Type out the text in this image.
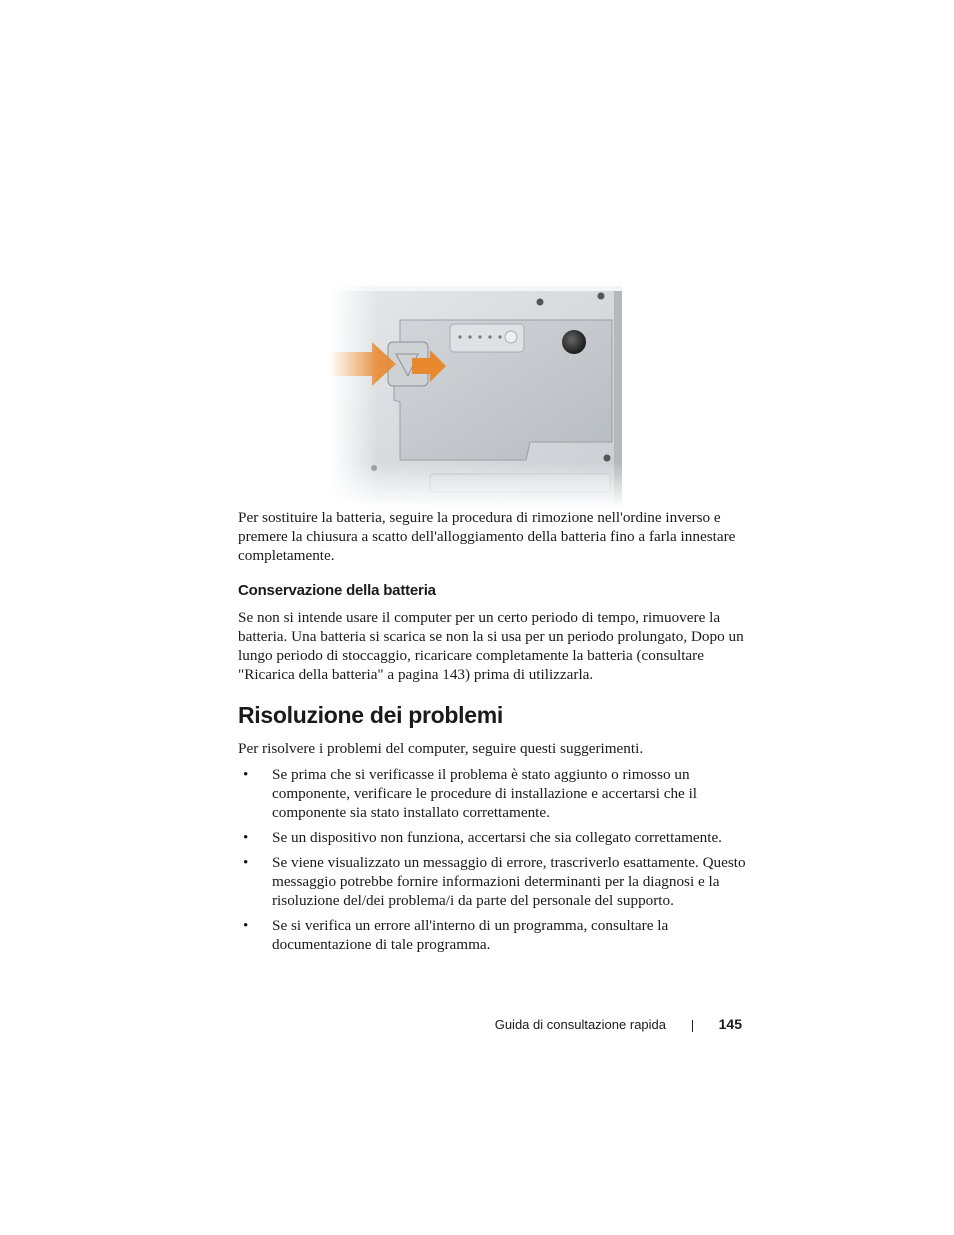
Per sostituire la batteria, seguire la procedura di rimozione nell'ordine inverso e premere la chiusura a scatto dell'alloggiamento della batteria fino a farla innestare completamente.

Conservazione della batteria

Se non si intende usare il computer per un certo periodo di tempo, rimuovere la batteria. Una batteria si scarica se non la si usa per un periodo prolungato, Dopo un lungo periodo di stoccaggio, ricaricare completamente la batteria (consultare "Ricarica della batteria" a pagina 143) prima di utilizzarla.

Risoluzione dei problemi

Per risolvere i problemi del computer, seguire questi suggerimenti.

• Se prima che si verificasse il problema è stato aggiunto o rimosso un componente, verificare le procedure di installazione e accertarsi che il componente sia stato installato correttamente.
• Se un dispositivo non funziona, accertarsi che sia collegato correttamente.
• Se viene visualizzato un messaggio di errore, trascriverlo esattamente. Questo messaggio potrebbe fornire informazioni determinanti per la diagnosi e la risoluzione del/dei problema/i da parte del personale del supporto.
• Se si verifica un errore all'interno di un programma, consultare la documentazione di tale programma.
Guida di consultazione rapida	145
